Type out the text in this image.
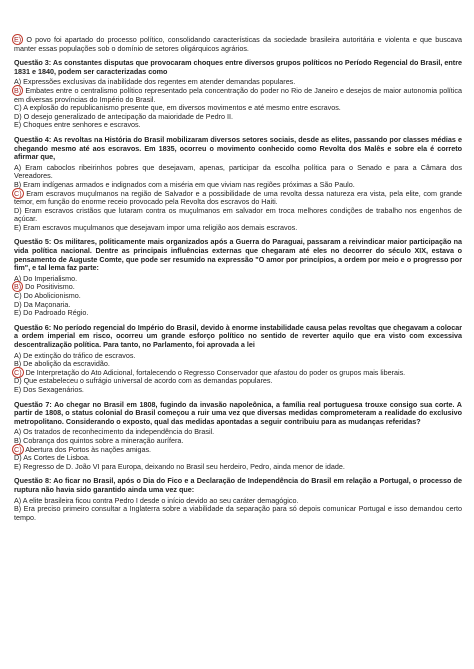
E) O povo foi apartado do processo político, consolidando características da sociedade brasileira autoritária e violenta e que buscava manter essas populações sob o domínio de setores oligárquicos agrários.

Questão 3: As constantes disputas que provocaram choques entre diversos grupos políticos no Período Regencial do Brasil, entre 1831 e 1840, podem ser caracterizadas como

A) Expressões exclusivas da inabilidade dos regentes em atender demandas populares.

B) Embates entre o centralismo político representado pela concentração do poder no Rio de Janeiro e desejos de maior autonomia política em diversas províncias do Império do Brasil.

C) A explosão do republicanismo presente que, em diversos movimentos e até mesmo entre escravos.

D) O desejo generalizado de antecipação da maioridade de Pedro II.

E) Choques entre senhores e escravos.

Questão 4: As revoltas na História do Brasil mobilizaram diversos setores sociais, desde as elites, passando por classes médias e chegando mesmo até aos escravos. Em 1835, ocorreu o movimento conhecido como Revolta dos Malês e sobre ela é correto afirmar que,

A) Eram caboclos ribeirinhos pobres que desejavam, apenas, participar da escolha política para o Senado e para a Câmara dos Vereadores.

B) Eram indígenas armados e indignados com a miséria em que viviam nas regiões próximas a São Paulo.

C) Eram escravos muçulmanos na região de Salvador e a possibilidade de uma revolta dessa natureza era vista, pela elite, com grande temor, em função do enorme receio provocado pela Revolta dos escravos do Haiti.

D) Eram escravos cristãos que lutaram contra os muçulmanos em salvador em troca melhores condições de trabalho nos engenhos de açúcar.

E) Eram escravos muçulmanos que desejavam impor uma religião aos demais escravos.

Questão 5: Os militares, politicamente mais organizados após a Guerra do Paraguai, passaram a reivindicar maior participação na vida política nacional. Dentre as principais influências externas que chegaram até eles no decorrer do século XIX, estava o pensamento de Auguste Comte, que pode ser resumido na expressão "O amor por princípios, a ordem por meio e o progresso por fim", e tal lema faz parte:

A) Do Imperialismo.

B) Do Positivismo.

C) Do Abolicionismo.

D) Da Maçonaria.

E) Do Padroado Régio.

Questão 6: No período regencial do Império do Brasil, devido à enorme instabilidade causa pelas revoltas que chegavam a colocar a ordem imperial em risco, ocorreu um grande esforço político no sentido de reverter aquilo que era visto com excessiva descentralização política. Para tanto, no Parlamento, foi aprovada a lei

A) De extinção do tráfico de escravos.

B) De abolição da escravidão.

C) De Interpretação do Ato Adicional, fortalecendo o Regresso Conservador que afastou do poder os grupos mais liberais.

D) Que estabeleceu o sufrágio universal de acordo com as demandas populares.

E) Dos Sexagenários.

Questão 7: Ao chegar no Brasil em 1808, fugindo da invasão napoleônica, a família real portuguesa trouxe consigo sua corte. A partir de 1808, o status colonial do Brasil começou a ruir uma vez que diversas medidas comprometeram a realidade do exclusivo metropolitano. Considerando o exposto, qual das medidas apontadas a seguir contribuiu para as mudanças referidas?

A) Os tratados de reconhecimento da independência do Brasil.

B) Cobrança dos quintos sobre a mineração aurífera.

C) Abertura dos Portos às nações amigas.

D) As Cortes de Lisboa.

E) Regresso de D. João VI para Europa, deixando no Brasil seu herdeiro, Pedro, ainda menor de idade.

Questão 8: Ao ficar no Brasil, após o Dia do Fico e a Declaração de Independência do Brasil em relação a Portugal, o processo de ruptura não havia sido garantido ainda uma vez que:

A) A elite brasileira ficou contra Pedro I desde o início devido ao seu caráter demagógico.

B) Era preciso primeiro consultar a Inglaterra sobre a viabilidade da separação para só depois comunicar Portugal e isso demandou certo tempo.
